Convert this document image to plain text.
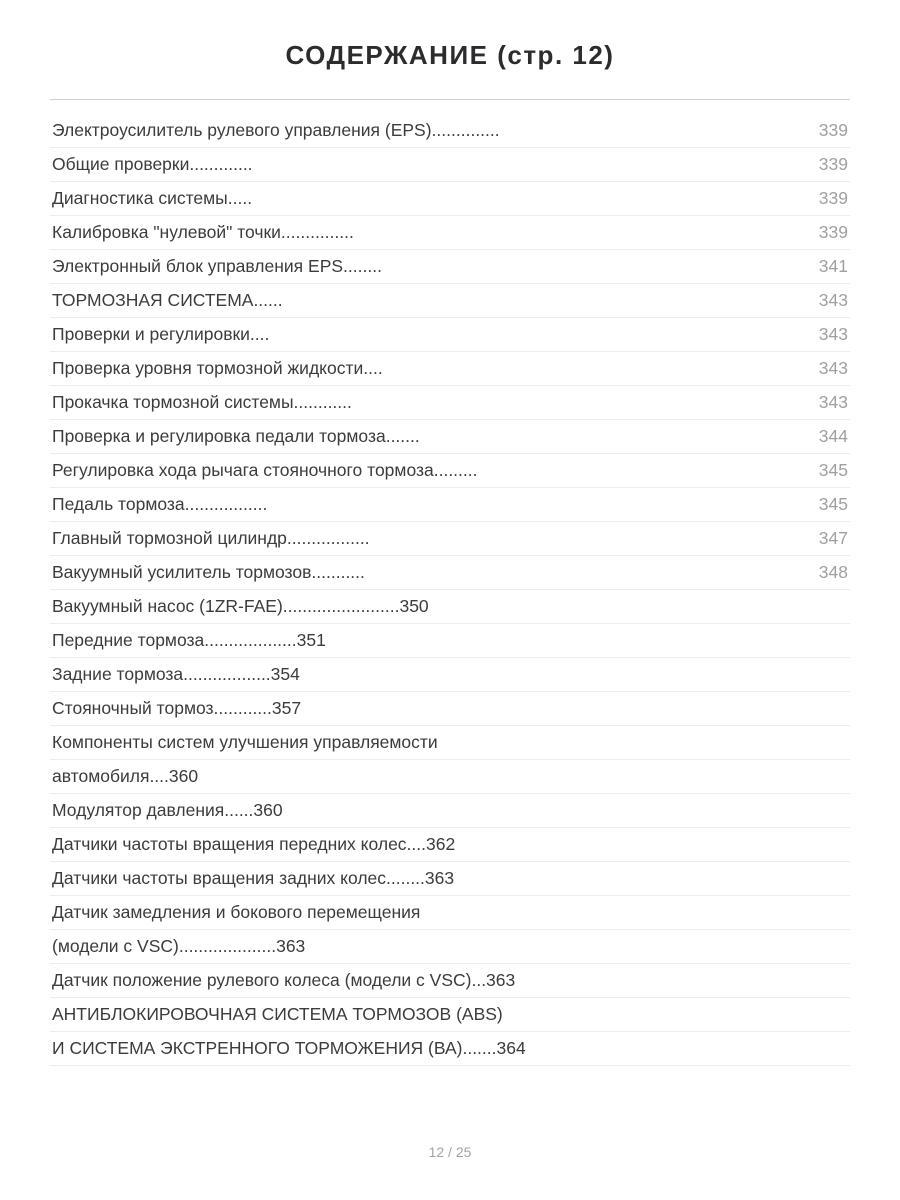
СОДЕРЖАНИЕ (стр. 12)
Электроусилитель рулевого управления (EPS)..............	339
Общие проверки.............	339
Диагностика системы.....	339
Калибровка "нулевой" точки...............	339
Электронный блок управления EPS........	341
ТОРМОЗНАЯ СИСТЕМА......	343
Проверки и регулировки....	343
Проверка уровня тормозной жидкости....	343
Прокачка тормозной системы............	343
Проверка и регулировка педали тормоза.......	344
Регулировка хода рычага стояночного тормоза.........	345
Педаль тормоза.................	345
Главный тормозной цилиндр.................	347
Вакуумный усилитель тормозов...........	348
Вакуумный насос (1ZR-FAE)........................350
Передние тормоза...................351
Задние тормоза..................354
Стояночный тормоз............357
Компоненты систем улучшения управляемости
автомобиля....360
Модулятор давления......360
Датчики частоты вращения передних колес....362
Датчики частоты вращения задних колес........363
Датчик замедления и бокового перемещения
(модели с VSC)....................363
Датчик положение рулевого колеса (модели с VSC)...363
АНТИБЛОКИРОВОЧНАЯ СИСТЕМА ТОРМОЗОВ (ABS)
И СИСТЕМА ЭКСТРЕННОГО ТОРМОЖЕНИЯ (ВА).......364
12 / 25
